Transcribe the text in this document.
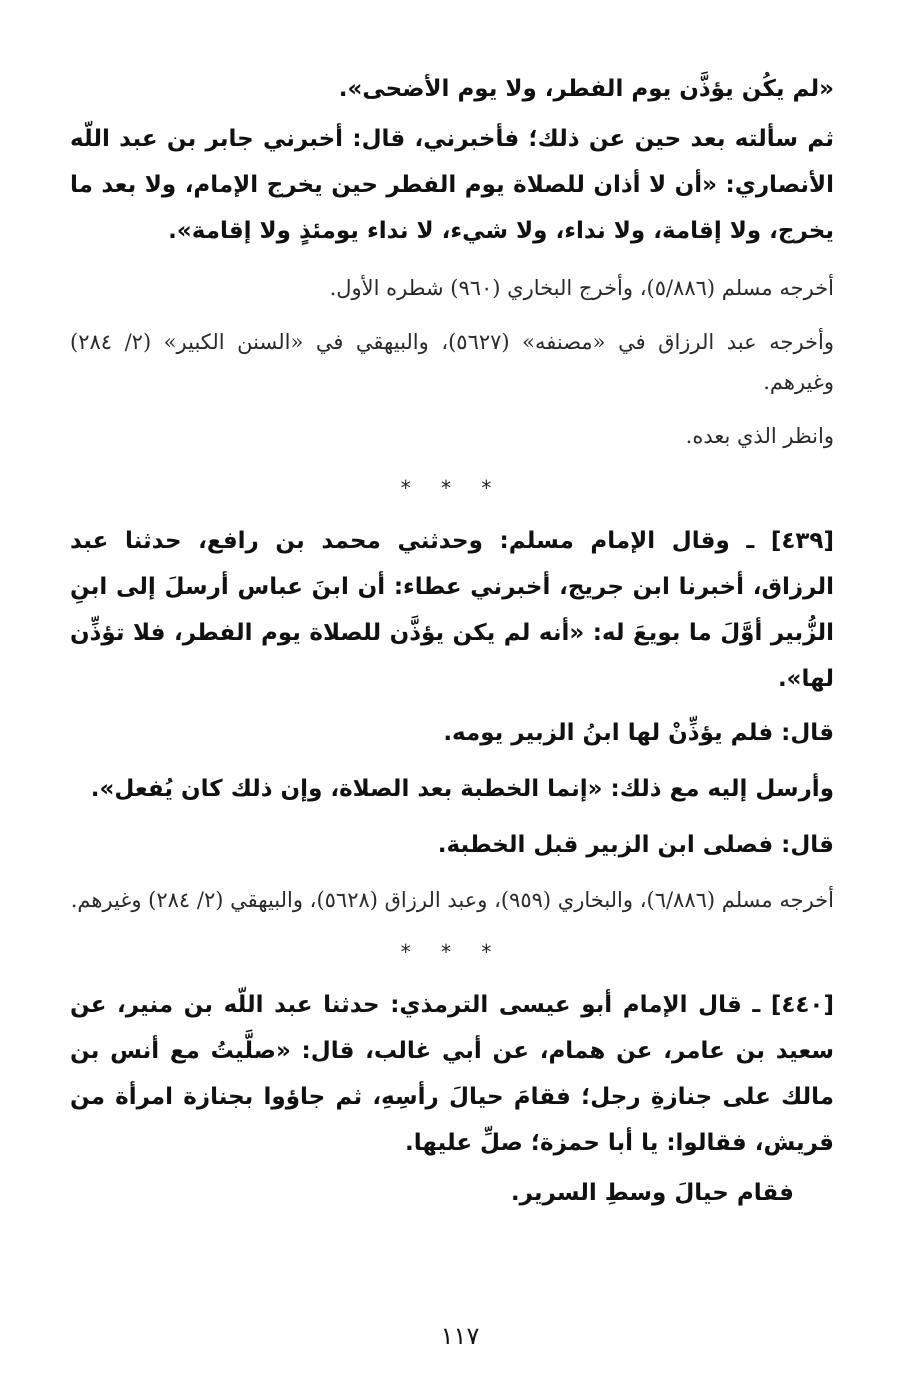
«لم يكُن يؤذَّن يوم الفطر، ولا يوم الأضحى».

ثم سألته بعد حين عن ذلك؛ فأخبرني، قال: أخبرني جابر بن عبد اللّه الأنصاري: «أن لا أذان للصلاة يوم الفطر حين يخرج الإمام، ولا بعد ما يخرج، ولا إقامة، ولا نداء، ولا شيء، لا نداء يومئذٍ ولا إقامة».

أخرجه مسلم (٥/٨٨٦)، وأخرج البخاري (٩٦٠) شطره الأول.

وأخرجه عبد الرزاق في «مصنفه» (٥٦٢٧)، والبيهقي في «السنن الكبير» (٢/ ٢٨٤) وغيرهم.

وانظر الذي بعده.

* * *

[٤٣٩] ـ وقال الإمام مسلم: وحدثني محمد بن رافع، حدثنا عبد الرزاق، أخبرنا ابن جريج، أخبرني عطاء: أن ابنَ عباس أرسلَ إلى ابنِ الزُّبير أوَّلَ ما بويعَ له: «أنه لم يكن يؤذَّن للصلاة يوم الفطر، فلا تؤذِّن لها».

قال: فلم يؤذِّنْ لها ابنُ الزبير يومه.

وأرسل إليه مع ذلك: «إنما الخطبة بعد الصلاة، وإن ذلك كان يُفعل».

قال: فصلى ابن الزبير قبل الخطبة.

أخرجه مسلم (٦/٨٨٦)، والبخاري (٩٥٩)، وعبد الرزاق (٥٦٢٨)، والبيهقي (٢/ ٢٨٤) وغيرهم.

* * *

[٤٤٠] ـ قال الإمام أبو عيسى الترمذي: حدثنا عبد اللّه بن منير، عن سعيد بن عامر، عن همام، عن أبي غالب، قال: «صلَّيتُ مع أنس بن مالك على جنازةِ رجل؛ فقامَ حيالَ رأسِهِ، ثم جاؤوا بجنازة امرأة من قريش، فقالوا: يا أبا حمزة؛ صلِّ عليها.

فقام حيالَ وسطِ السرير.

١١٧
